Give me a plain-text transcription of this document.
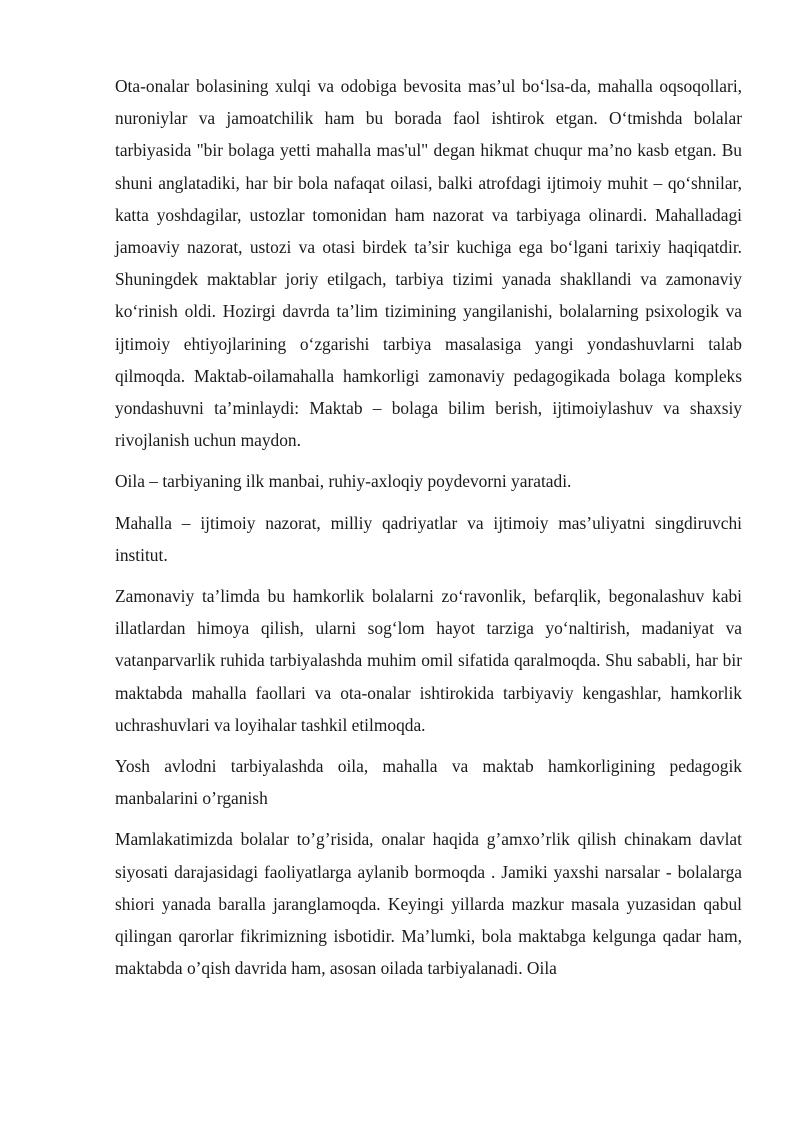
Ota-onalar bolasining xulqi va odobiga bevosita mas’ul bo‘lsa-da, mahalla oqsoqollari, nuroniylar va jamoatchilik ham bu borada faol ishtirok etgan. O‘tmishda bolalar tarbiyasida "bir bolaga yetti mahalla mas'ul" degan hikmat chuqur ma’no kasb etgan. Bu shuni anglatadiki, har bir bola nafaqat oilasi, balki atrofdagi ijtimoiy muhit – qo‘shnilar, katta yoshdagilar, ustozlar tomonidan ham nazorat va tarbiyaga olinardi. Mahalladagi jamoaviy nazorat, ustozi va otasi birdek ta’sir kuchiga ega bo‘lgani tarixiy haqiqatdir. Shuningdek maktablar joriy etilgach, tarbiya tizimi yanada shakllandi va zamonaviy ko‘rinish oldi. Hozirgi davrda ta’lim tizimining yangilanishi, bolalarning psixologik va ijtimoiy ehtiyojlarining o‘zgarishi tarbiya masalasiga yangi yondashuvlarni talab qilmoqda. Maktab-oilamahalla hamkorligi zamonaviy pedagogikada bolaga kompleks yondashuvni ta’minlaydi: Maktab – bolaga bilim berish, ijtimoiylashuv va shaxsiy rivojlanish uchun maydon.

Oila – tarbiyaning ilk manbai, ruhiy-axloqiy poydevorni yaratadi.

Mahalla – ijtimoiy nazorat, milliy qadriyatlar va ijtimoiy mas’uliyatni singdiruvchi institut.

Zamonaviy ta’limda bu hamkorlik bolalarni zo‘ravonlik, befarqlik, begonalashuv kabi illatlardan himoya qilish, ularni sog‘lom hayot tarziga yo‘naltirish, madaniyat va vatanparvarlik ruhida tarbiyalashda muhim omil sifatida qaralmoqda. Shu sababli, har bir maktabda mahalla faollari va ota-onalar ishtirokida tarbiyaviy kengashlar, hamkorlik uchrashuvlari va loyihalar tashkil etilmoqda.

Yosh avlodni tarbiyalashda oila, mahalla va maktab hamkorligining pedagogik manbalarini o’rganish

Mamlakatimizda bolalar to’g’risida, onalar haqida g’amxo’rlik qilish chinakam davlat siyosati darajasidagi faoliyatlarga aylanib bormoqda . Jamiki yaxshi narsalar - bolalarga shiori yanada baralla jaranglamoqda. Keyingi yillarda mazkur masala yuzasidan qabul qilingan qarorlar fikrimizning isbotidir. Ma’lumki, bola maktabga kelgunga qadar ham, maktabda o’qish davrida ham, asosan oilada tarbiyalanadi. Oila
